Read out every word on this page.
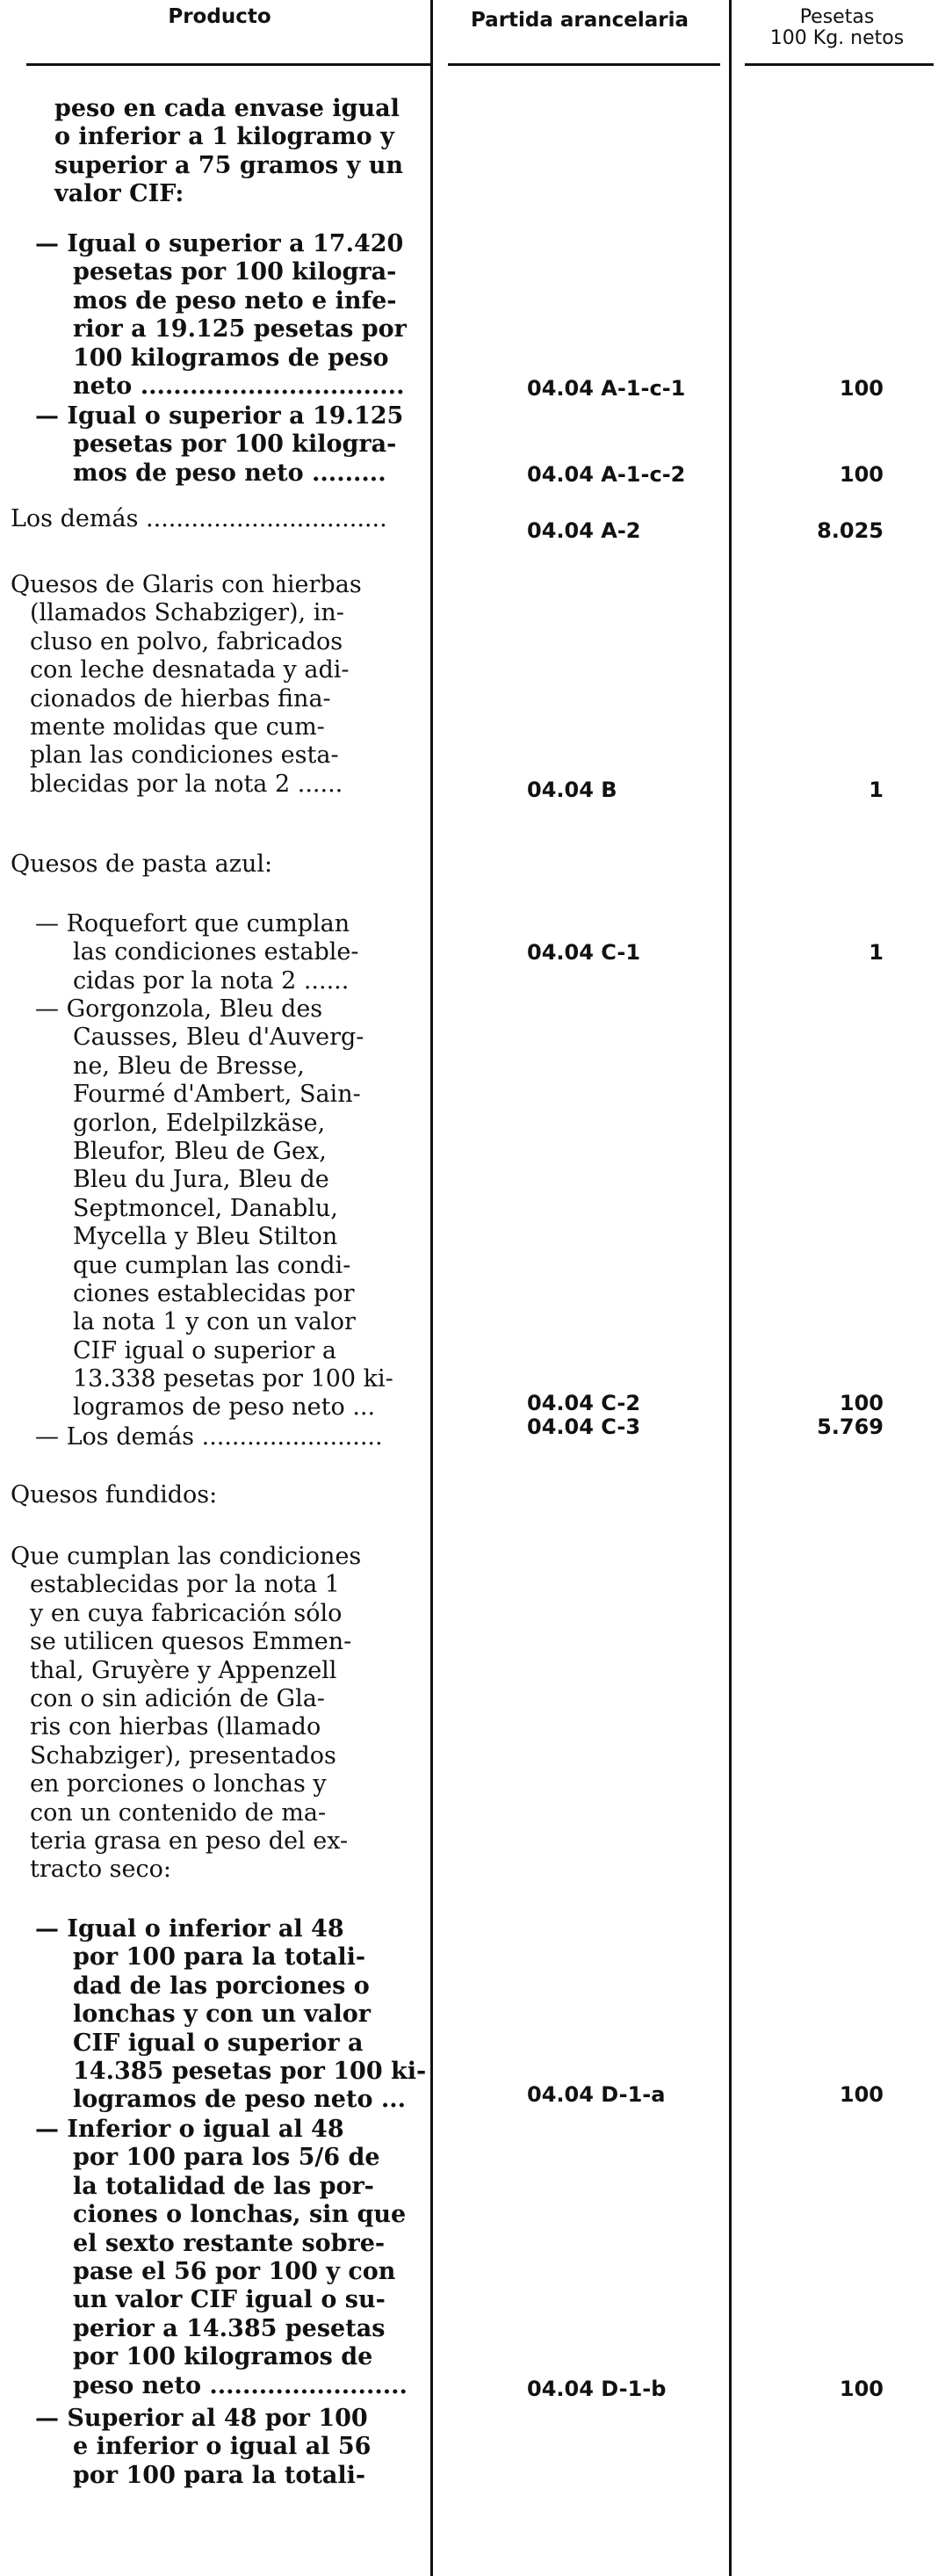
Producto	Partida arancelaria	Pesetas
100 Kg. netos
peso en cada envase igual
o inferior a 1 kilogramo y
superior a 75 gramos y un
valor CIF:
— Igual o superior a 17.420
pesetas por 100 kilogra-
mos de peso neto e infe-
rior a 19.125 pesetas por
100 kilogramos de peso
neto ................................
— Igual o superior a 19.125
pesetas por 100 kilogra-
mos de peso neto .........
Los demás ................................
Quesos de Glaris con hierbas
(llamados Schabziger), in-
cluso en polvo, fabricados
con leche desnatada y adi-
cionados de hierbas fina-
mente molidas que cum-
plan las condiciones esta-
blecidas por la nota 2 ......
Quesos de pasta azul:
— Roquefort que cumplan
las condiciones estable-
cidas por la nota 2 ......
— Gorgonzola, Bleu des
Causses, Bleu d'Auverg-
ne, Bleu de Bresse,
Fourmé d'Ambert, Sain-
gorlon, Edelpilzkäse,
Bleufor, Bleu de Gex,
Bleu du Jura, Bleu de
Septmoncel, Danablu,
Mycella y Bleu Stilton
que cumplan las condi-
ciones establecidas por
la nota 1 y con un valor
CIF igual o superior a
13.338 pesetas por 100 ki-
logramos de peso neto ...
— Los demás ........................
Quesos fundidos:
Que cumplan las condiciones
establecidas por la nota 1
y en cuya fabricación sólo
se utilicen quesos Emmen-
thal, Gruyère y Appenzell
con o sin adición de Gla-
ris con hierbas (llamado
Schabziger), presentados
en porciones o lonchas y
con un contenido de ma-
teria grasa en peso del ex-
tracto seco:
— Igual o inferior al 48
por 100 para la totali-
dad de las porciones o
lonchas y con un valor
CIF igual o superior a
14.385 pesetas por 100 ki-
logramos de peso neto ...
— Inferior o igual al 48
por 100 para los 5/6 de
la totalidad de las por-
ciones o lonchas, sin que
el sexto restante sobre-
pase el 56 por 100 y con
un valor CIF igual o su-
perior a 14.385 pesetas
por 100 kilogramos de
peso neto ........................
— Superior al 48 por 100
e inferior o igual al 56
por 100 para la totali-
04.04 A-1-c-1
04.04 A-1-c-2
04.04 A-2
04.04 B
04.04 C-1
04.04 C-2
04.04 C-3
04.04 D-1-a
04.04 D-1-b
100
100
8.025
1
1
100
5.769
100
100
